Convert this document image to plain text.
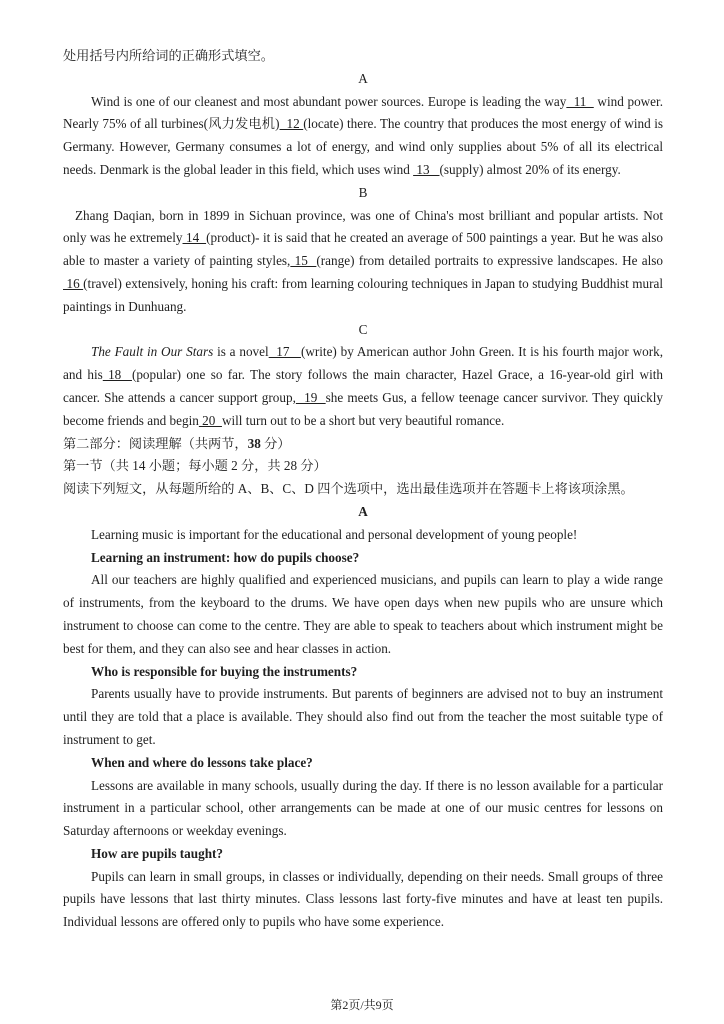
处用括号内所给词的正确形式填空。

A

Wind is one of our cleanest and most abundant power sources. Europe is leading the way  11   wind power. Nearly 75% of all turbines(风力发电机)  12 (locate) there. The country that produces the most energy of wind is Germany. However, Germany consumes a lot of energy, and wind only supplies about 5% of all its electrical needs. Denmark is the global leader in this field, which uses wind  13   (supply) almost 20% of its energy.

B

Zhang Daqian, born in 1899 in Sichuan province, was one of China's most brilliant and popular artists. Not only was he extremely 14  (product)- it is said that he created an average of 500 paintings a year. But he was also able to master a variety of painting styles, 15  (range) from detailed portraits to expressive landscapes. He also 16 (travel) extensively, honing his craft: from learning colouring techniques in Japan to studying Buddhist mural paintings in Dunhuang.

C

The Fault in Our Stars is a novel  17   (write) by American author John Green. It is his fourth major work, and his 18  (popular) one so far. The story follows the main character, Hazel Grace, a 16-year-old girl with cancer. She attends a cancer support group,  19  she meets Gus, a fellow teenage cancer survivor. They quickly become friends and begin 20  will turn out to be a short but very beautiful romance.

第二部分：阅读理解（共两节，38 分）

第一节（共 14 小题；每小题 2 分，共 28 分）

阅读下列短文，从每题所给的 A、B、C、D 四个选项中，选出最佳选项并在答题卡上将该项涂黑。

A

Learning music is important for the educational and personal development of young people!

Learning an instrument: how do pupils choose?

All our teachers are highly qualified and experienced musicians, and pupils can learn to play a wide range of instruments, from the keyboard to the drums. We have open days when new pupils who are unsure which instrument to choose can come to the centre. They are able to speak to teachers about which instrument might be best for them, and they can also see and hear classes in action.

Who is responsible for buying the instruments?

Parents usually have to provide instruments. But parents of beginners are advised not to buy an instrument until they are told that a place is available. They should also find out from the teacher the most suitable type of instrument to get.

When and where do lessons take place?

Lessons are available in many schools, usually during the day. If there is no lesson available for a particular instrument in a particular school, other arrangements can be made at one of our music centres for lessons on Saturday afternoons or weekday evenings.

How are pupils taught?

Pupils can learn in small groups, in classes or individually, depending on their needs. Small groups of three pupils have lessons that last thirty minutes. Class lessons last forty-five minutes and have at least ten pupils. Individual lessons are offered only to pupils who have some experience.

第2页/共9页
